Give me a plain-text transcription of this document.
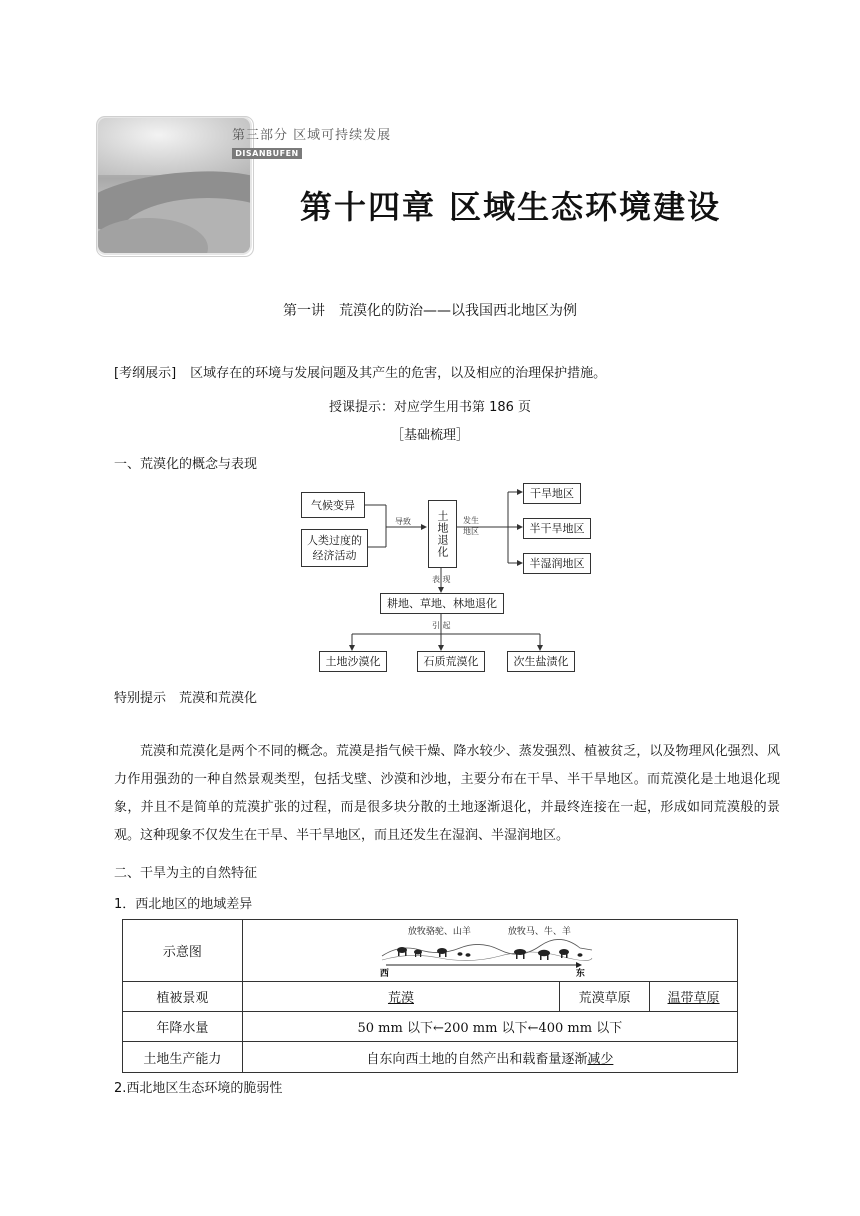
第三部分 区域可持续发展
DISANBUFEN
第十四章 区域生态环境建设
第一讲　荒漠化的防治——以我国西北地区为例
[考纲展示] 区域存在的环境与发展问题及其产生的危害，以及相应的治理保护措施。
授课提示：对应学生用书第 186 页
［基础梳理］
一、荒漠化的概念与表现
气候变异
人类过度的
经济活动
导致 土地退化 发生
地区
干旱地区
半干旱地区
半湿润地区
表 现
耕地、草地、林地退化
引 起
土地沙漠化	石质荒漠化	次生盐渍化
特别提示　荒漠和荒漠化
荒漠和荒漠化是两个不同的概念。荒漠是指气候干燥、降水较少、蒸发强烈、植被贫乏，以及物理风化强烈、风力作用强劲的一种自然景观类型，包括戈壁、沙漠和沙地，主要分布在干旱、半干旱地区。而荒漠化是土地退化现象，并且不是简单的荒漠扩张的过程，而是很多块分散的土地逐渐退化，并最终连接在一起，形成如同荒漠般的景观。这种现象不仅发生在干旱、半干旱地区，而且还发生在湿润、半湿润地区。
二、干旱为主的自然特征
1．西北地区的地域差异
示意图	放牧骆驼、山羊 放牧马、牛、羊
西 东		

植被景观	荒漠	荒漠草原	温带草原
年降水量	50 mm 以下←200 mm 以下←400 mm 以下		
土地生产能力	自东向西土地的自然产出和载畜量逐渐减少		
2.西北地区生态环境的脆弱性
